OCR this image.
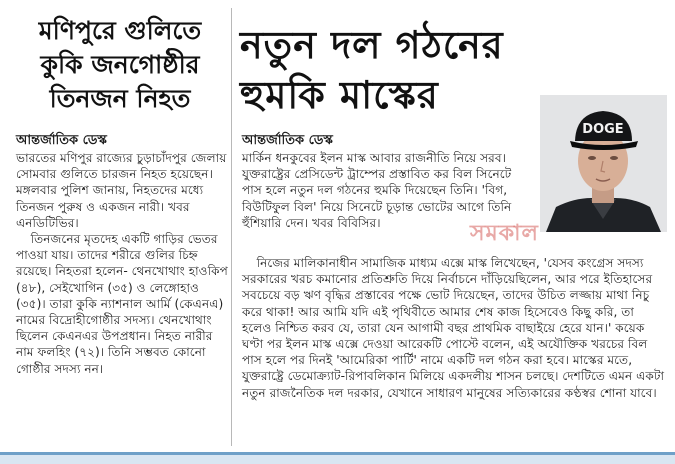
মণিপুরে গুলিতে
কুকি জনগোষ্ঠীর
তিনজন নিহত
আন্তর্জাতিক ডেস্ক

ভারতের মণিপুর রাজ্যের চুড়াচাঁদপুর জেলায় সোমবার গুলিতে চারজন নিহত হয়েছেন। মঙ্গলবার পুলিশ জানায়, নিহতদের মধ্যে তিনজন পুরুষ ও একজন নারী। খবর এনডিটিভির।

তিনজনের মৃতদেহ একটি গাড়ির ভেতর পাওয়া যায়। তাদের শরীরে গুলির চিহ্ন রয়েছে। নিহতরা হলেন- থেনখোথাং হাওকিপ (৪৮), সেইখোগিন (৩৫) ও লেঙ্গোহাও (৩৫)। তারা কুকি ন্যাশনাল আর্মি (কেএনএ) নামের বিদ্রোহীগোষ্ঠীর সদস্য। থেনখোথাং ছিলেন কেএনএর উপপ্রধান। নিহত নারীর নাম ফলহিং (৭২)। তিনি সম্ভবত কোনো গোষ্ঠীর সদস্য নন।

নতুন দল গঠনের
হুমকি মাস্কের
আন্তর্জাতিক ডেস্ক

মার্কিন ধনকুবের ইলন মাস্ক আবার রাজনীতি নিয়ে সরব। যুক্তরাষ্ট্রের প্রেসিডেন্ট ট্রাম্পের প্রস্তাবিত কর বিল সিনেটে পাস হলে নতুন দল গঠনের হুমকি দিয়েছেন তিনি। 'বিগ, বিউটিফুল বিল' নিয়ে সিনেটে চূড়ান্ত ভোটের আগে তিনি হুঁশিয়ারি দেন। খবর বিবিসির।

DOGE

নিজের মালিকানাধীন সামাজিক মাধ্যম এক্সে মাস্ক লিখেছেন, 'যেসব কংগ্রেস সদস্য সরকারের খরচ কমানোর প্রতিশ্রুতি দিয়ে নির্বাচনে দাঁড়িয়েছিলেন, আর পরে ইতিহাসের সবচেয়ে বড় ঋণ বৃদ্ধির প্রস্তাবের পক্ষে ভোট দিয়েছেন, তাদের উচিত লজ্জায় মাথা নিচু করে থাকা! আর আমি যদি এই পৃথিবীতে আমার শেষ কাজ হিসেবেও কিছু করি, তা হলেও নিশ্চিত করব যে, তারা যেন আগামী বছর প্রাথমিক বাছাইয়ে হেরে যান।' কয়েক ঘণ্টা পর ইলন মাস্ক এক্সে দেওয়া আরেকটি পোস্টে বলেন, এই অযৌক্তিক খরচের বিল পাস হলে পর দিনই 'আমেরিকা পার্টি' নামে একটি দল গঠন করা হবে। মাস্কের মতে, যুক্তরাষ্ট্রে ডেমোক্র্যাট-রিপাবলিকান মিলিয়ে একদলীয় শাসন চলছে। দেশটিতে এমন একটা নতুন রাজনৈতিক দল দরকার, যেখানে সাধারণ মানুষের সত্যিকারের কণ্ঠস্বর শোনা যাবে।

সমকাল
